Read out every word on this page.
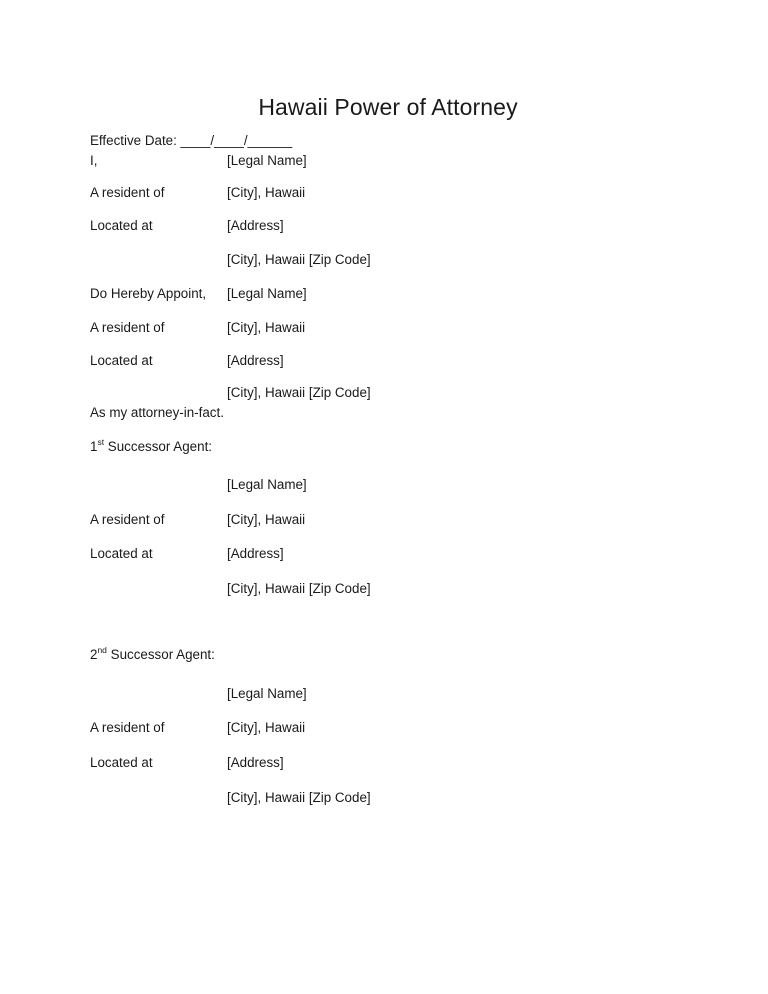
Hawaii Power of Attorney
Effective Date: ____/____/______
I,	[Legal Name]
A resident of	[City], Hawaii
Located at	[Address]
[City], Hawaii [Zip Code]
Do Hereby Appoint, [Legal Name]
A resident of	[City], Hawaii
Located at	[Address]
[City], Hawaii [Zip Code]
As my attorney-in-fact.
1st Successor Agent:
[Legal Name]
A resident of	[City], Hawaii
Located at	[Address]
[City], Hawaii [Zip Code]
2nd Successor Agent:
[Legal Name]
A resident of	[City], Hawaii
Located at	[Address]
[City], Hawaii [Zip Code]
